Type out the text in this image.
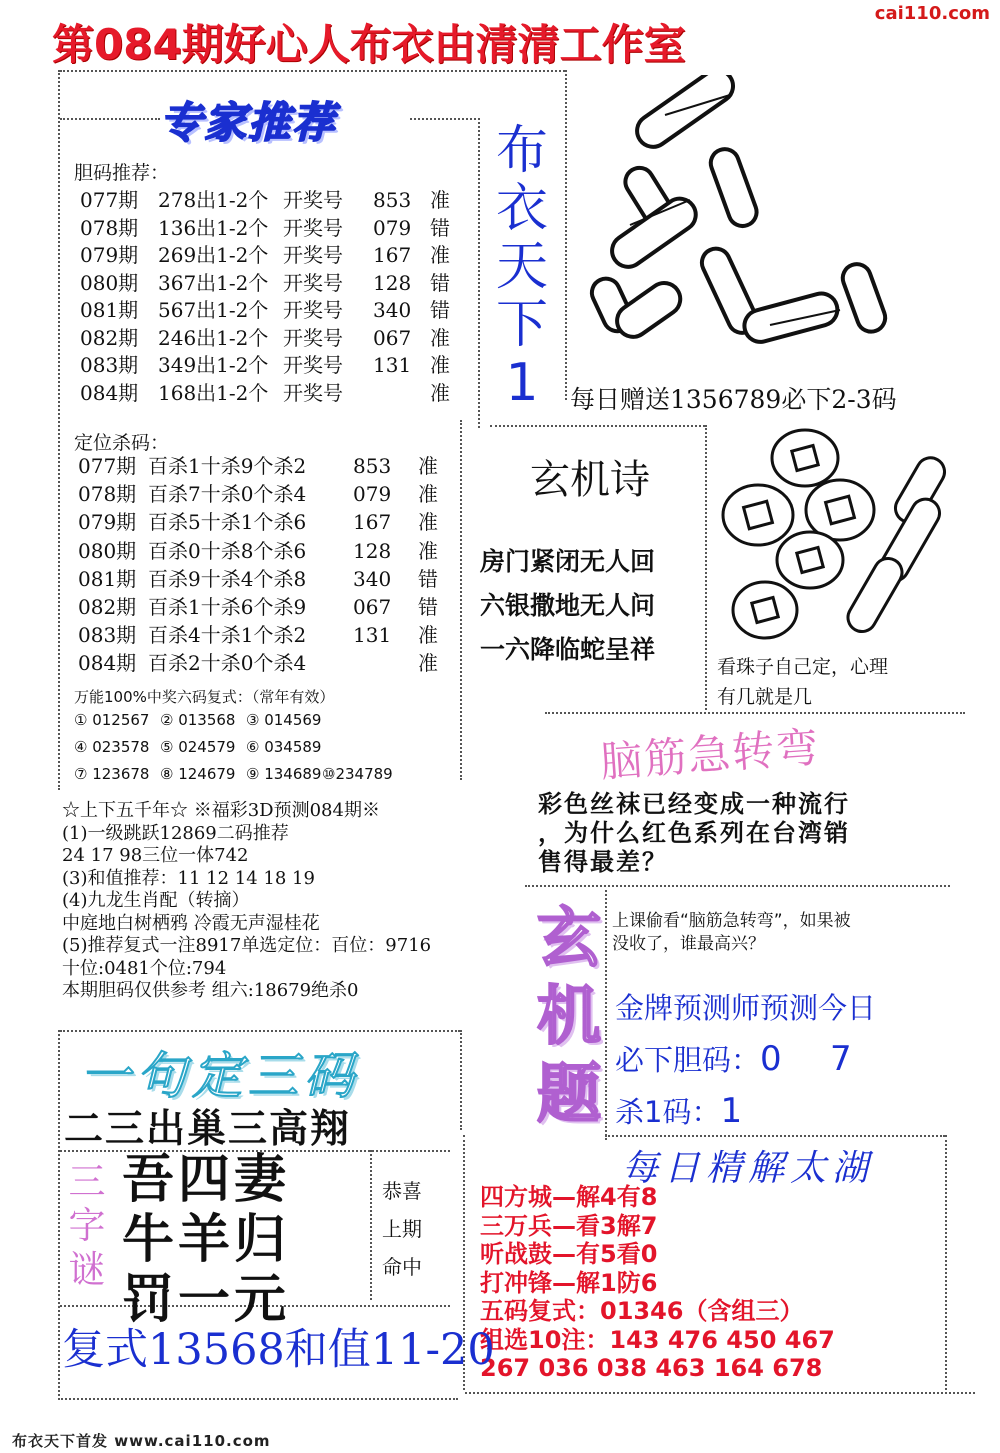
第084期好心人布衣由清清工作室
cai110.com
专家推荐
胆码推荐：
077期 278出1-2个 开奖号 853 准
078期 136出1-2个 开奖号 079 错
079期 269出1-2个 开奖号 167 准
080期 367出1-2个 开奖号 128 错
081期 567出1-2个 开奖号 340 错
082期 246出1-2个 开奖号 067 准
083期 349出1-2个 开奖号 131 准
084期 168出1-2个 开奖号	准
定位杀码：
077期 百杀1十杀9个杀2 853 准
078期 百杀7十杀0个杀4 079 准
079期 百杀5十杀1个杀6 167 准
080期 百杀0十杀8个杀6 128 准
081期 百杀9十杀4个杀8 340 错
082期 百杀1十杀6个杀9 067 错
083期 百杀4十杀1个杀2 131 准
084期 百杀2十杀0个杀4	准
万能100%中奖六码复式：（常年有效）
① 012567 ② 013568 ③ 014569
④ 023578 ⑤ 024579 ⑥ 034589
⑦ 123678 ⑧ 124679 ⑨ 134689 ⑩234789
☆上下五千年☆ ※福彩3D预测084期※
(1)一级跳跃12869二码推荐
24 17 98三位一体742
(3)和值推荐：11 12 14 18 19
(4)九龙生肖配（转摘）
中庭地白树栖鸦 冷霞无声湿桂花
(5)推荐复式一注8917单选定位：百位：9716
十位:0481个位:794
本期胆码仅供参考 组六:18679绝杀0
布
衣
天
下
1	每日赠送1356789必下2-3码
玄机诗
房门紧闭无人回
六银撒地无人问
一六降临蛇呈祥
看珠子自己定，心理
有几就是几
脑筋急转弯
彩色丝袜已经变成一种流行
，为什么红色系列在台湾销
售得最差？
玄
机
题
上课偷看“脑筋急转弯”，如果被
没收了，谁最高兴？
金牌预测师预测今日
必下胆码：0 7
杀1码：1
每日精解太湖
四方城—解4有8
三万兵—看3解7
听战鼓—有5看0
打冲锋—解1防6
五码复式：01346（含组三）
组选10注：143 476 450 467
267 036 038 463 164 678
一句定三码
二三出巢三高翔
三
字
谜
吾四妻
牛羊归
罚一元
恭喜
上期
命中
复式13568和值11-20
布衣天下首发 www.cai110.com
